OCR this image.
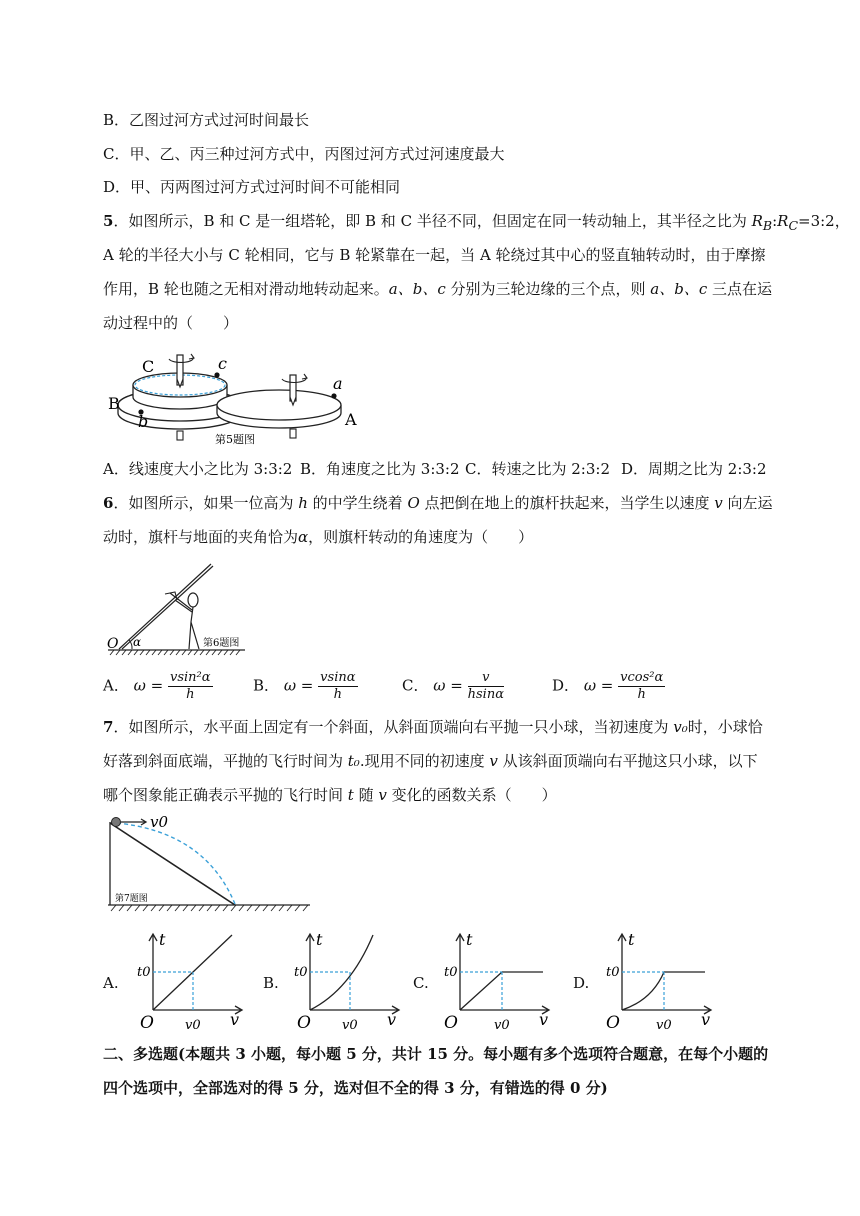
B．乙图过河方式过河时间最长
C．甲、乙、丙三种过河方式中，丙图过河方式过河速度最大
D．甲、丙两图过河方式过河时间不可能相同
5．如图所示，B 和 C 是一组塔轮，即 B 和 C 半径不同，但固定在同一转动轴上，其半径之比为 $R_B:R_C=3:2$，
A 轮的半径大小与 C 轮相同，它与 B 轮紧靠在一起，当 A 轮绕过其中心的竖直轴转动时，由于摩擦
作用，B 轮也随之无相对滑动地转动起来。a、b、c 分别为三轮边缘的三个点，则 a、b、c 三点在运
动过程中的（　　）
C	c
B
b
a
A
第5题图
A．线速度大小之比为 3:3:2 B．角速度之比为 3:3:2 C．转速之比为 2:3:2 D．周期之比为 2:3:2
6．如图所示，如果一位高为 h 的中学生绕着 O 点把倒在地上的旗杆扶起来，当学生以速度 v 向左运
动时，旗杆与地面的夹角恰为α，则旗杆转动的角速度为（　　）
O α	第6题图
A． $\omega = \frac{\text{vsin²α}}{h}$	B． $\omega = \frac{vsin\alpha}{h}$	C． $\omega = \frac{v}{hsin\alpha}$	D． $\omega = \frac{\text{vcos²α}}{h}$
7．如图所示，水平面上固定有一个斜面，从斜面顶端向右平抛一只小球，当初速度为 v₀时，小球恰
好落到斜面底端，平抛的飞行时间为 t₀.现用不同的初速度 v 从该斜面顶端向右平抛这只小球，以下
哪个图象能正确表示平抛的飞行时间 t 随 v 变化的函数关系（　　）
v0
第7题图
A.
t
t0
O v0 v
B.
t
t0
O v0 v
C.
t
t0
O	v0 v
D.
t
t0
O	v0 v
二、多选题(本题共 3 小题，每小题 5 分，共计 15 分。每小题有多个选项符合题意，在每个小题的
四个选项中，全部选对的得 5 分，选对但不全的得 3 分，有错选的得 0 分)
